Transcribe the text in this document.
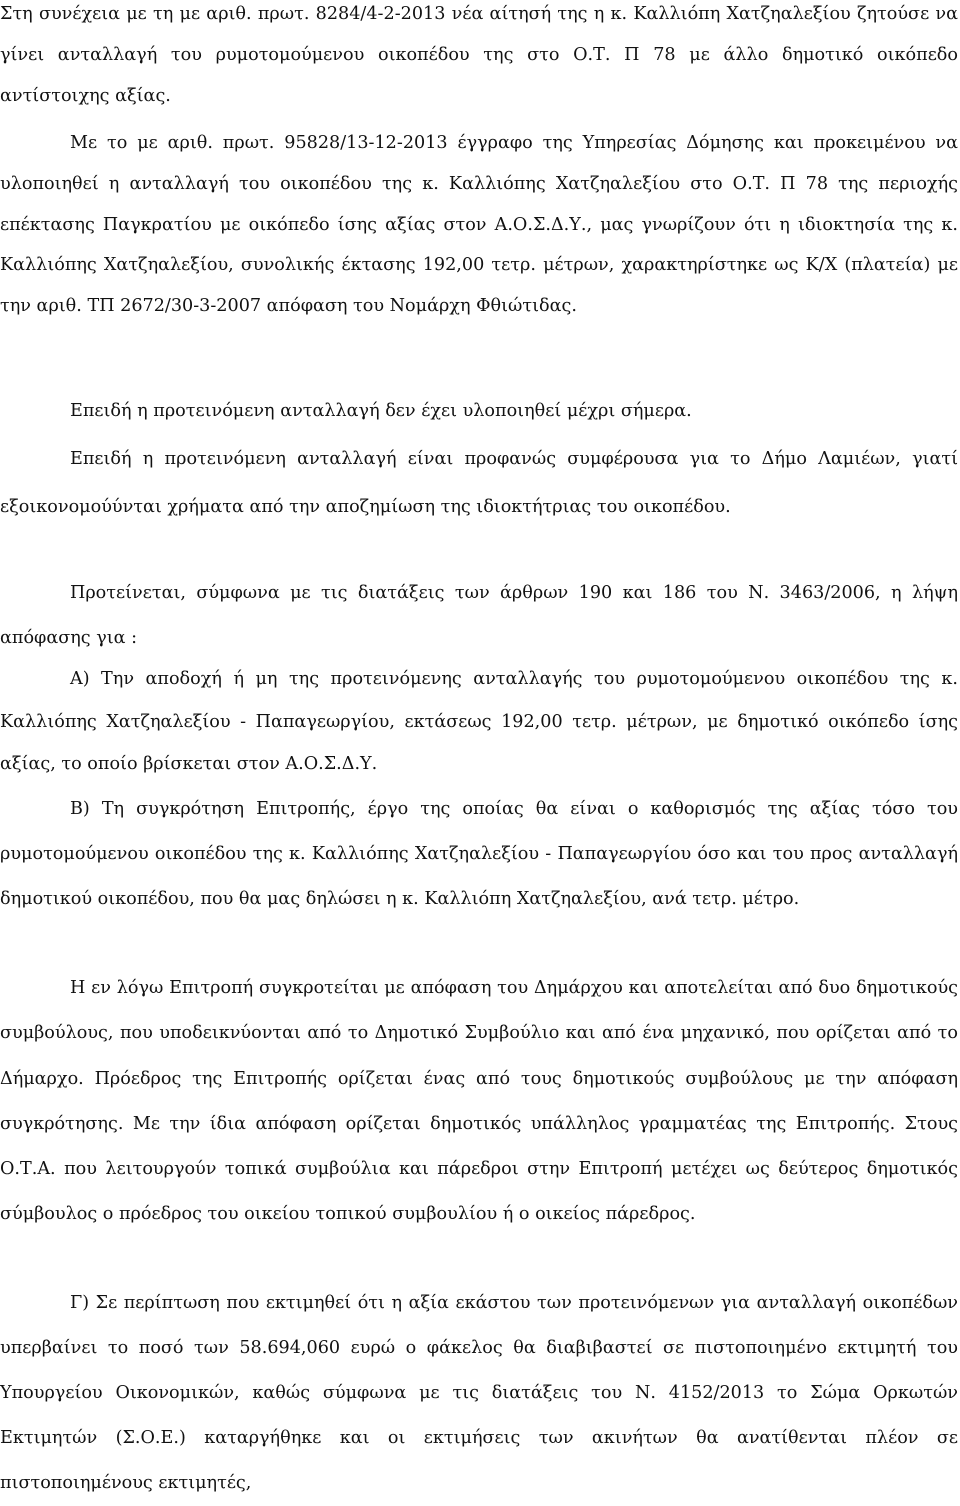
Στη συνέχεια με τη με αριθ. πρωτ. 8284/4-2-2013 νέα αίτησή της η κ. Καλλιόπη Χατζηαλεξίου ζητούσε να γίνει ανταλλαγή του ρυμοτομούμενου οικοπέδου της στο Ο.Τ. Π 78 με άλλο δημοτικό οικόπεδο αντίστοιχης αξίας.

Με το με αριθ. πρωτ. 95828/13-12-2013 έγγραφο της Υπηρεσίας Δόμησης και προκειμένου να υλοποιηθεί η ανταλλαγή του οικοπέδου της κ. Καλλιόπης Χατζηαλεξίου στο Ο.Τ. Π 78 της περιοχής επέκτασης Παγκρατίου με οικόπεδο ίσης αξίας στον Α.Ο.Σ.Δ.Υ., μας γνωρίζουν ότι η ιδιοκτησία της κ. Καλλιόπης Χατζηαλεξίου, συνολικής έκτασης 192,00 τετρ. μέτρων, χαρακτηρίστηκε ως Κ/Χ (πλατεία) με την αριθ. ΤΠ 2672/30-3-2007 απόφαση του Νομάρχη Φθιώτιδας.

Επειδή η προτεινόμενη ανταλλαγή δεν έχει υλοποιηθεί μέχρι σήμερα.

Επειδή η προτεινόμενη ανταλλαγή είναι προφανώς συμφέρουσα για το Δήμο Λαμιέων, γιατί εξοικονομούύνται χρήματα από την αποζημίωση της ιδιοκτήτριας του οικοπέδου.

Προτείνεται, σύμφωνα με τις διατάξεις των άρθρων 190 και 186 του Ν. 3463/2006, η λήψη απόφασης για :

Α) Την αποδοχή ή μη της προτεινόμενης ανταλλαγής του ρυμοτομούμενου οικοπέδου της κ. Καλλιόπης Χατζηαλεξίου - Παπαγεωργίου, εκτάσεως 192,00 τετρ. μέτρων, με δημοτικό οικόπεδο ίσης αξίας, το οποίο βρίσκεται στον Α.Ο.Σ.Δ.Υ.

Β) Τη συγκρότηση Επιτροπής, έργο της οποίας θα είναι ο καθορισμός της αξίας τόσο του ρυμοτομούμενου οικοπέδου της κ. Καλλιόπης Χατζηαλεξίου - Παπαγεωργίου όσο και του προς ανταλλαγή δημοτικού οικοπέδου, που θα μας δηλώσει η κ. Καλλιόπη Χατζηαλεξίου, ανά τετρ. μέτρο.

Η εν λόγω Επιτροπή συγκροτείται με απόφαση του Δημάρχου και αποτελείται από δυο δημοτικούς συμβούλους, που υποδεικνύονται από το Δημοτικό Συμβούλιο και από ένα μηχανικό, που ορίζεται από το Δήμαρχο. Πρόεδρος της Επιτροπής ορίζεται ένας από τους δημοτικούς συμβούλους με την απόφαση συγκρότησης. Με την ίδια απόφαση ορίζεται δημοτικός υπάλληλος γραμματέας της Επιτροπής. Στους Ο.Τ.Α. που λειτουργούν τοπικά συμβούλια και πάρεδροι στην Επιτροπή μετέχει ως δεύτερος δημοτικός σύμβουλος ο πρόεδρος του οικείου τοπικού συμβουλίου ή ο οικείος πάρεδρος.

Γ) Σε περίπτωση που εκτιμηθεί ότι η αξία εκάστου των προτεινόμενων για ανταλλαγή οικοπέδων υπερβαίνει το ποσό των 58.694,060 ευρώ ο φάκελος θα διαβιβαστεί σε πιστοποιημένο εκτιμητή του Υπουργείου Οικονομικών, καθώς σύμφωνα με τις διατάξεις του Ν. 4152/2013 το Σώμα Ορκωτών Εκτιμητών (Σ.Ο.Ε.) καταργήθηκε και οι εκτιμήσεις των ακινήτων θα ανατίθενται πλέον σε πιστοποιημένους εκτιμητές,
